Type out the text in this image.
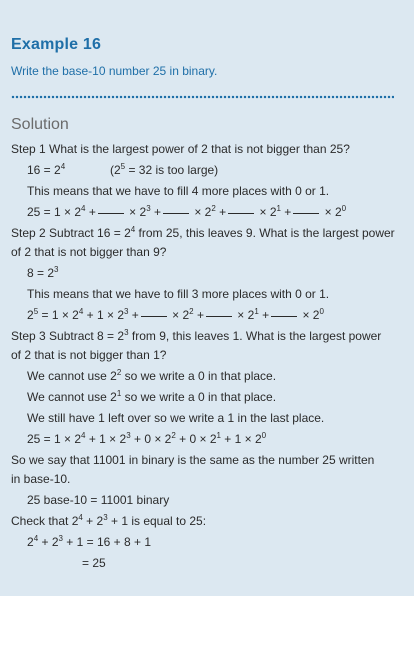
Example 16
Write the base-10 number 25 in binary.
Solution
Step 1 What is the largest power of 2 that is not bigger than 25?
$16 = 2^4$	($2^5 = 32$ is too large)
This means that we have to fill 4 more places with 0 or 1.
$25 = 1 \times 2^4$ +	× $2^3$ +	× $2^2$ +	× $2^1$ +	× $2^0$
Step 2 Subtract $16 = 2^4$ from 25, this leaves 9. What is the largest power
of 2 that is not bigger than 9?
$8 = 2^3$
This means that we have to fill 3 more places with 0 or 1.
$2^5 = 1 \times 2^4 + 1 \times 2^3$ +	× $2^2$ +	× $2^1$ +	× $2^0$
Step 3 Subtract $8 = 2^3$ from 9, this leaves 1. What is the largest power
of 2 that is not bigger than 1?
We cannot use $2^2$ so we write a 0 in that place.
We cannot use $2^1$ so we write a 0 in that place.
We still have 1 left over so we write a 1 in the last place.
$25 = 1 \times 2^4 + 1 \times 2^3 + 0 \times 2^2 + 0 \times 2^1 + 1 \times 2^0$
So we say that 11001 in binary is the same as the number 25 written
in base-10.
25 base-10 = 11001 binary
Check that $2^4 + 2^3 + 1$ is equal to 25:
$2^4 + 2^3 + 1 = 16 + 8 + 1$
= 25
